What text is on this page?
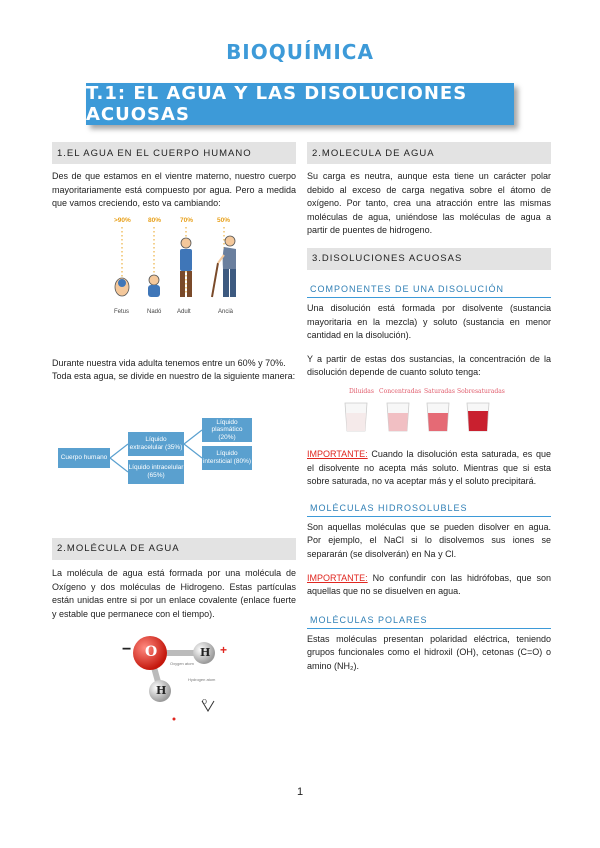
BIOQUÍMICA
T.1: EL AGUA Y LAS DISOLUCIONES ACUOSAS
1.EL AGUA EN EL CUERPO HUMANO

Des de que estamos en el vientre materno, nuestro cuerpo mayoritariamente está compuesto por agua. Pero a medida que vamos creciendo, esto va cambiando:

>90%	80%	70%	50%
Fetus	Nadó	Adult	Ancià

Durante nuestra vida adulta tenemos entre un 60% y 70%. Toda esta agua, se divide en nuestro de la siguiente manera:

Cuerpo humano
Líquido extracelular (35%)
Líquido intracelular (65%)
Líquido plasmático (20%)
Líquido intersticial (80%)
2.MOLÉCULA DE AGUA

La molécula de agua está formada por una molécula de Oxígeno y dos moléculas de Hidrogeno. Estas partículas están unidas entre si por un enlace covalente (enlace fuerte y estable que permanece con el tiempo).

− O	H
H
+
Oxygen atom
Hydrogen atom
O
2.MOLECULA DE AGUA

Su carga es neutra, aunque esta tiene un carácter polar debido al exceso de carga negativa sobre el átomo de oxígeno. Por tanto, crea una atracción entre las mismas moléculas de agua, uniéndose las moléculas de agua a partir de puentes de hidrogeno.

3.DISOLUCIONES ACUOSAS
COMPONENTES DE UNA DISOLUCIÓN

Una disolución está formada por disolvente (sustancia mayoritaria en la mezcla) y soluto (sustancia en menor cantidad en la disolución).

Y a partir de estas dos sustancias, la concentración de la disolución depende de cuanto soluto tenga:

Diluidas Concentradas Saturadas Sobresaturadas

IMPORTANTE: Cuando la disolución esta saturada, es que el disolvente no acepta más soluto. Mientras que si esta sobre saturada, no va aceptar más y el soluto precipitará.

MOLÉCULAS HIDROSOLUBLES

Son aquellas moléculas que se pueden disolver en agua. Por ejemplo, el NaCl si lo disolvemos sus iones se separarán (se disolverán) en Na y Cl.

IMPORTANTE: No confundir con las hidrófobas, que son aquellas que no se disuelven en agua.

MOLÉCULAS POLARES

Estas moléculas presentan polaridad eléctrica, teniendo grupos funcionales como el hidroxil (OH), cetonas (C=O) o amino (NH₂).

1
